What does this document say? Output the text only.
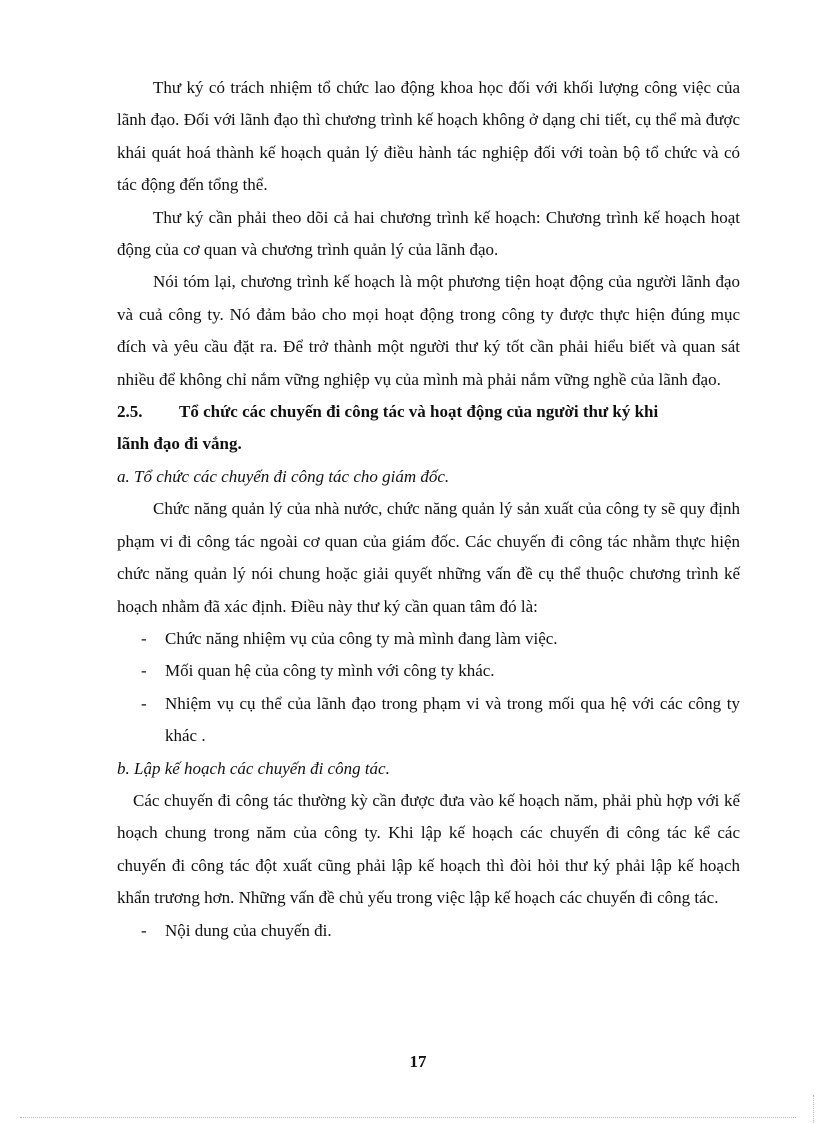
Thư ký có trách nhiệm tổ chức lao động khoa học đối với khối lượng công việc của lãnh đạo. Đối với lãnh đạo thì chương trình kế hoạch không ở dạng chi tiết, cụ thể mà được khái quát hoá thành kế hoạch quản lý điều hành tác nghiệp đối với toàn bộ tổ chức và có tác động đến tổng thể.

Thư ký cần phải theo dõi cả hai chương trình kế hoạch: Chương trình kế hoạch hoạt động của cơ quan và chương trình quản lý của lãnh đạo.

Nói tóm lại, chương trình kế hoạch là một phương tiện hoạt động của người lãnh đạo và cuả công ty. Nó đảm bảo cho mọi hoạt động trong công ty được thực hiện đúng mục đích và yêu cầu đặt ra. Để trở thành một người thư ký tốt cần phải hiểu biết và quan sát nhiều để không chỉ nắm vững nghiệp vụ của mình mà phải nắm vững nghề của lãnh đạo.

2.5.	Tổ chức các chuyến đi công tác và hoạt động của người thư ký khi

lãnh đạo đi vắng.

a. Tổ chức các chuyến đi công tác cho giám đốc.

Chức năng quản lý của nhà nước, chức năng quản lý sản xuất của công ty sẽ quy định phạm vi đi công tác ngoài cơ quan của giám đốc. Các chuyến đi công tác nhằm thực hiện chức năng quản lý nói chung hoặc giải quyết những vấn đề cụ thể thuộc chương trình kế hoạch nhằm đã xác định. Điều này thư ký cần quan tâm đó là:

- Chức năng nhiệm vụ của công ty mà mình đang làm việc.
- Mối quan hệ của công ty mình với công ty khác.
- Nhiệm vụ cụ thể của lãnh đạo trong phạm vi và trong mối qua hệ với các công ty khác .

b. Lập kế hoạch các chuyến đi công tác.

Các chuyến đi công tác thường kỳ cần được đưa vào kế hoạch năm, phải phù hợp với kế hoạch chung trong năm của công ty. Khi lập kế hoạch các chuyến đi công tác kể các chuyến đi công tác đột xuất cũng phải lập kế hoạch thì đòi hỏi thư ký phải lập kế hoạch khẩn trương hơn. Những vấn đề chủ yếu trong việc lập kế hoạch các chuyến đi công tác.

- Nội dung của chuyến đi.
17
